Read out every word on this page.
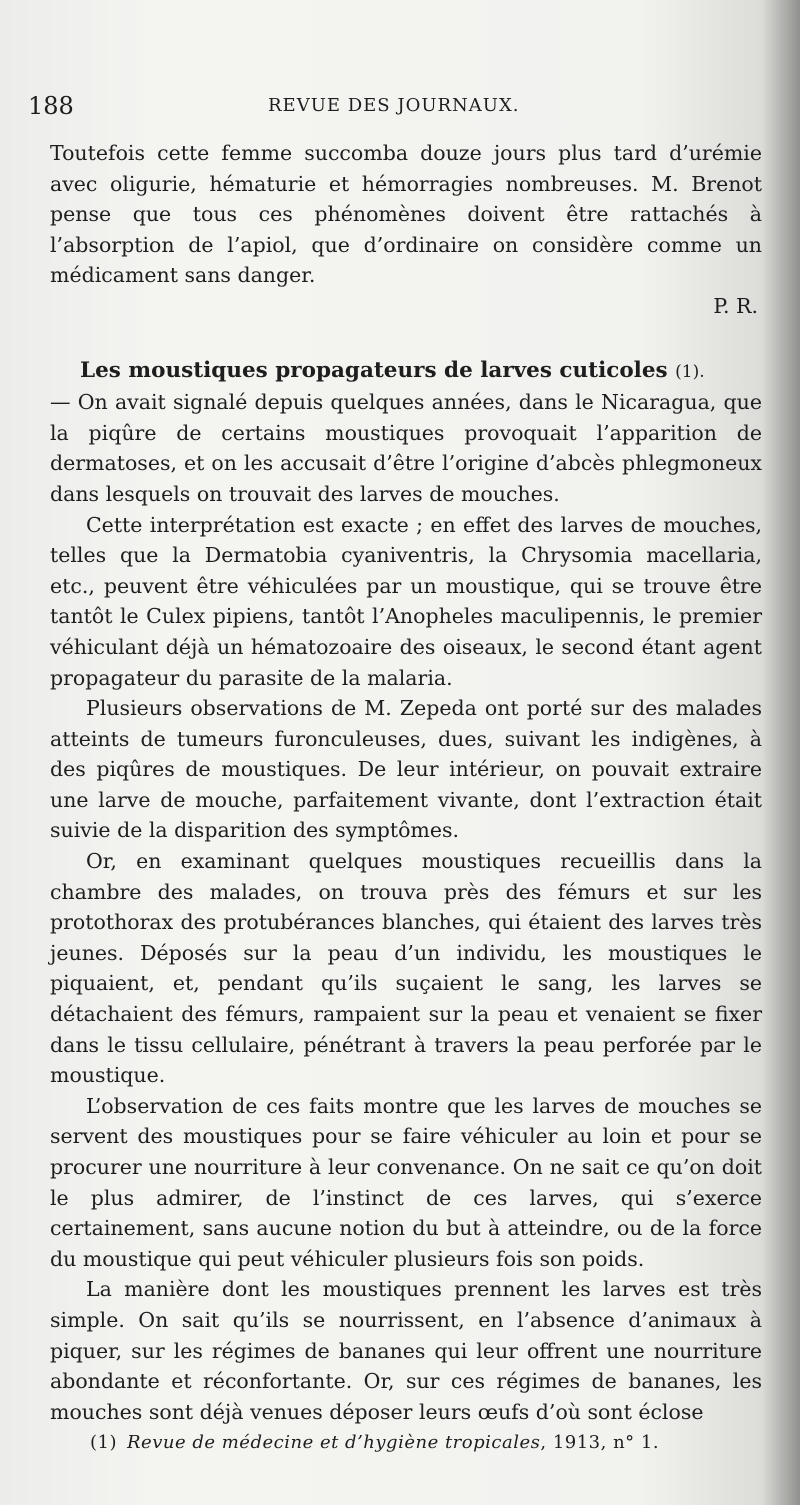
188	REVUE DES JOURNAUX.

Toutefois cette femme succomba douze jours plus tard d’urémie avec oligurie, hématurie et hémorragies nombreuses. M. Brenot pense que tous ces phénomènes doivent être rattachés à l’absorption de l’apiol, que d’ordinaire on considère comme un médicament sans danger.

P. R.

Les moustiques propagateurs de larves cuticoles (1).

— On avait signalé depuis quelques années, dans le Nicaragua, que la piqûre de certains moustiques provoquait l’apparition de dermatoses, et on les accusait d’être l’origine d’abcès phlegmoneux dans lesquels on trouvait des larves de mouches.

Cette interprétation est exacte ; en effet des larves de mouches, telles que la Dermatobia cyaniventris, la Chrysomia macellaria, etc., peuvent être véhiculées par un moustique, qui se trouve être tantôt le Culex pipiens, tantôt l’Anopheles maculipennis, le premier véhiculant déjà un hématozoaire des oiseaux, le second étant agent propagateur du parasite de la malaria.

Plusieurs observations de M. Zepeda ont porté sur des malades atteints de tumeurs furonculeuses, dues, suivant les indigènes, à des piqûres de moustiques. De leur intérieur, on pouvait extraire une larve de mouche, parfaitement vivante, dont l’extraction était suivie de la disparition des symptômes.

Or, en examinant quelques moustiques recueillis dans la chambre des malades, on trouva près des fémurs et sur les protothorax des protubérances blanches, qui étaient des larves très jeunes. Déposés sur la peau d’un individu, les moustiques le piquaient, et, pendant qu’ils suçaient le sang, les larves se détachaient des fémurs, rampaient sur la peau et venaient se fixer dans le tissu cellulaire, pénétrant à travers la peau perforée par le moustique.

L’observation de ces faits montre que les larves de mouches se servent des moustiques pour se faire véhiculer au loin et pour se procurer une nourriture à leur convenance. On ne sait ce qu’on doit le plus admirer, de l’instinct de ces larves, qui s’exerce certainement, sans aucune notion du but à atteindre, ou de la force du moustique qui peut véhiculer plusieurs fois son poids.

La manière dont les moustiques prennent les larves est très simple. On sait qu’ils se nourrissent, en l’absence d’animaux à piquer, sur les régimes de bananes qui leur offrent une nourriture abondante et réconfortante. Or, sur ces régimes de bananes, les mouches sont déjà venues déposer leurs œufs d’où sont éclose

(1) Revue de médecine et d’hygiène tropicales, 1913, n° 1.
